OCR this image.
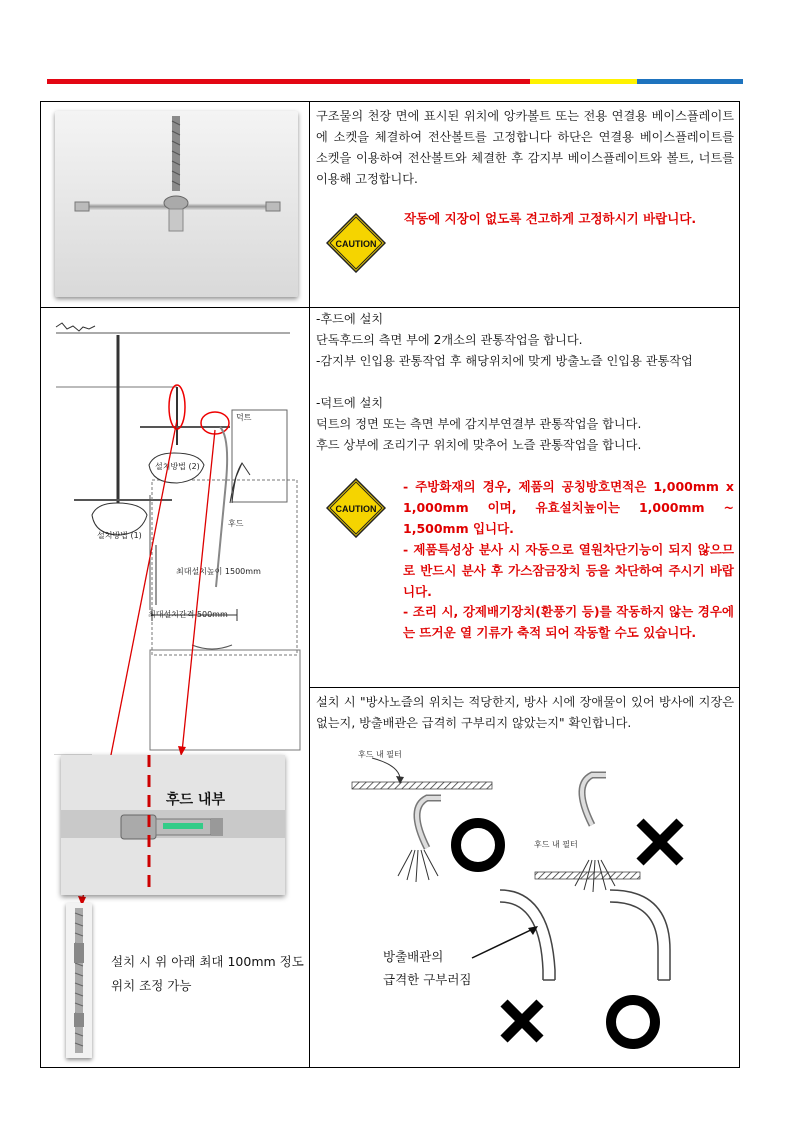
구조물의 천장 면에 표시된 위치에 앙카볼트 또는 전용 연결용 베이스플레이트에 소켓을 체결하여 전산볼트를 고정합니다 하단은 연결용 베이스플레이트를 소켓을 이용하여 전산볼트와 체결한 후 감지부 베이스플레이트와 볼트, 너트를 이용해 고정합니다.
CAUTION
작동에 지장이 없도록 견고하게 고정하시기 바랍니다.
덕트
후드
설치방법 (1)
설치방법 (2)
최대설치높이 1500mm
최대설치간격 500mm
후드 내부
설치 시 위 아래 최대 100mm 정도 위치 조정 가능
-후드에 설치
단독후드의 측면 부에 2개소의 관통작업을 합니다.
-감지부 인입용 관통작업 후 해당위치에 맞게 방출노즐 인입용 관통작업
-덕트에 설치
덕트의 정면 또는 측면 부에 감지부연결부 관통작업을 합니다.
후드 상부에 조리기구 위치에 맞추어 노즐 관통작업을 합니다.
CAUTION
- 주방화재의 경우, 제품의 공칭방호면적은 1,000mm x 1,000mm 이며, 유효설치높이는 1,000mm ~ 1,500mm 입니다.
- 제품특성상 분사 시 자동으로 열원차단기능이 되지 않으므로 반드시 분사 후 가스잠금장치 등을 차단하여 주시기 바랍니다.
- 조리 시, 강제배기장치(환풍기 등)를 작동하지 않는 경우에는 뜨거운 열 기류가 축적 되어 작동할 수도 있습니다.
설치 시 "방사노즐의 위치는 적당한지, 방사 시에 장애물이 있어 방사에 지장은 없는지, 방출배관은 급격히 구부리지 않았는지" 확인합니다.
후드 내 필터
후드 내 필터
방출배관의
급격한 구부러짐
